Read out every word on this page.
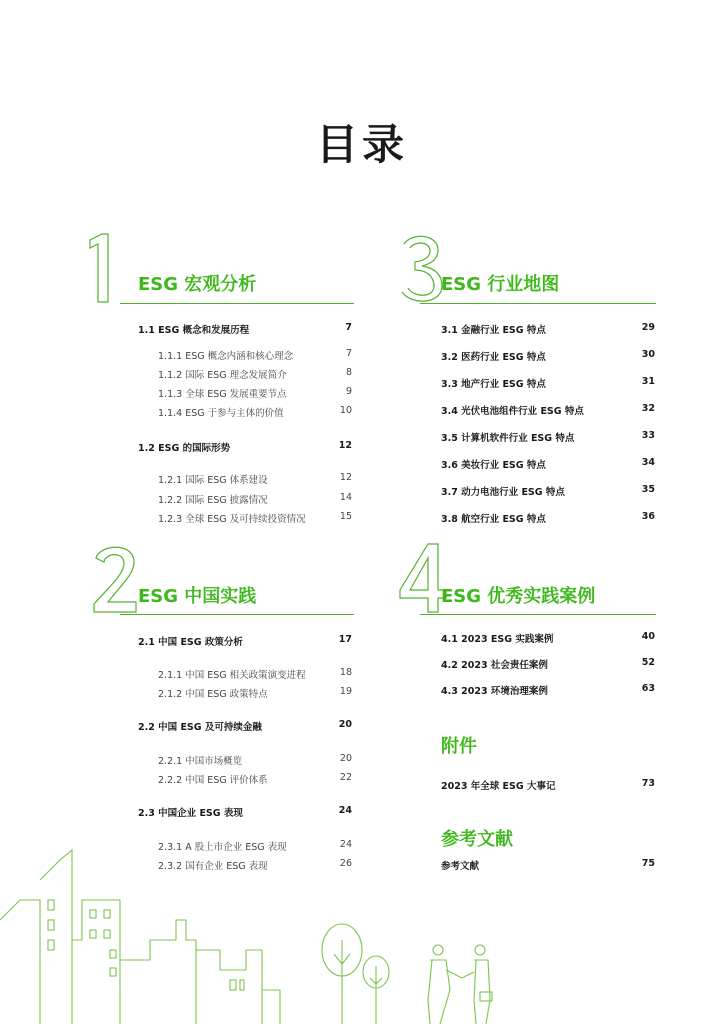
目录
ESG 宏观分析
1.1 ESG 概念和发展历程	7
1.1.1 ESG 概念内涵和核心理念	7
1.1.2 国际 ESG 理念发展简介	8
1.1.3 全球 ESG 发展重要节点	9
1.1.4 ESG 于参与主体的价值	10
1.2 ESG 的国际形势	12
1.2.1 国际 ESG 体系建设	12
1.2.2 国际 ESG 披露情况	14
1.2.3 全球 ESG 及可持续投资情况	15
ESG 行业地图
3.1 金融行业 ESG 特点	29
3.2 医药行业 ESG 特点	30
3.3 地产行业 ESG 特点	31
3.4 光伏电池组件行业 ESG 特点	32
3.5 计算机软件行业 ESG 特点	33
3.6 美妆行业 ESG 特点	34
3.7 动力电池行业 ESG 特点	35
3.8 航空行业 ESG 特点	36
ESG 中国实践
2.1 中国 ESG 政策分析	17
2.1.1 中国 ESG 相关政策演变进程	18
2.1.2 中国 ESG 政策特点	19
2.2 中国 ESG 及可持续金融	20
2.2.1 中国市场概览	20
2.2.2 中国 ESG 评价体系	22
2.3 中国企业 ESG 表现	24
2.3.1 A 股上市企业 ESG 表现	24
2.3.2 国有企业 ESG 表现	26
ESG 优秀实践案例
4.1 2023 ESG 实践案例	40
4.2 2023 社会责任案例	52
4.3 2023 环境治理案例	63
附件
2023 年全球 ESG 大事记	73
参考文献
参考文献	75
